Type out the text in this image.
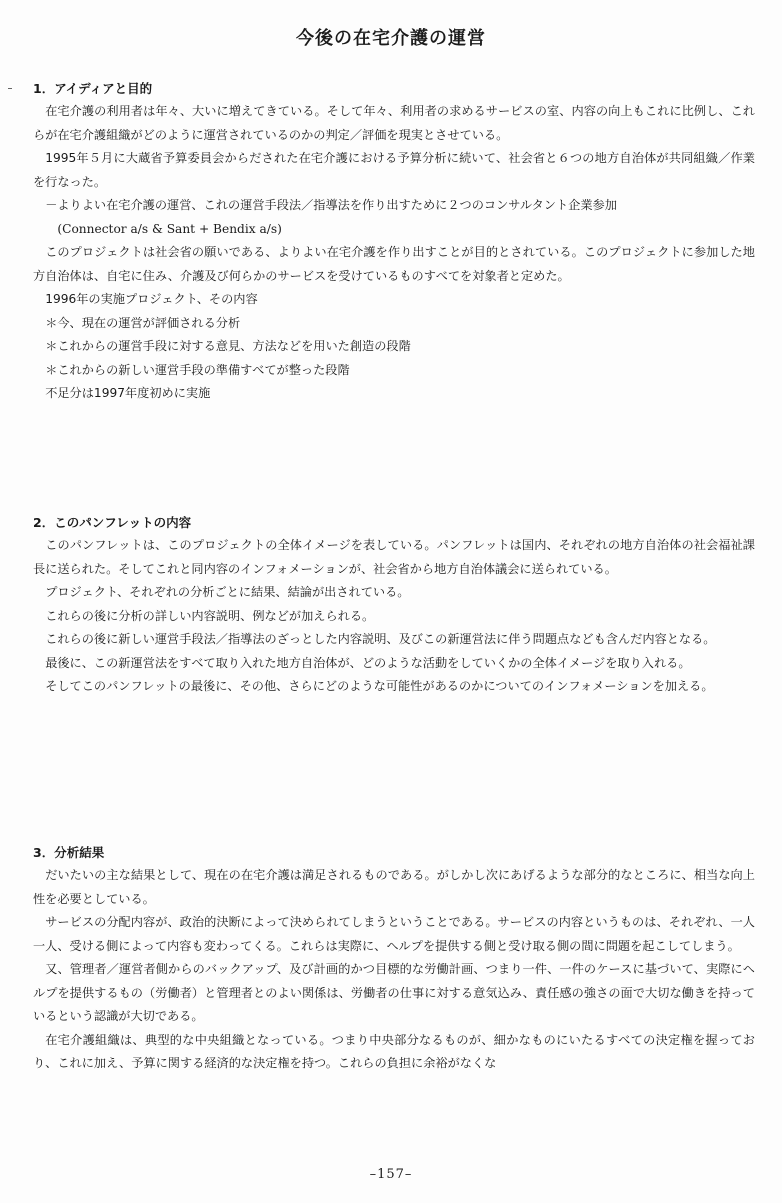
今後の在宅介護の運営

1．アイディアと目的

在宅介護の利用者は年々、大いに増えてきている。そして年々、利用者の求めるサービスの室、内容の向上もこれに比例し、これらが在宅介護組織がどのように運営されているのかの判定／評価を現実とさせている。

1995年５月に大蔵省予算委員会からだされた在宅介護における予算分析に続いて、社会省と６つの地方自治体が共同組織／作業を行なった。

－よりよい在宅介護の運営、これの運営手段法／指導法を作り出すために２つのコンサルタント企業参加

(Connector a/s & Sant + Bendix a/s)

このプロジェクトは社会省の願いである、よりよい在宅介護を作り出すことが目的とされている。このプロジェクトに参加した地方自治体は、自宅に住み、介護及び何らかのサービスを受けているものすべてを対象者と定めた。

1996年の実施プロジェクト、その内容

＊今、現在の運営が評価される分析

＊これからの運営手段に対する意見、方法などを用いた創造の段階

＊これからの新しい運営手段の準備すべてが整った段階

不足分は1997年度初めに実施

2．このパンフレットの内容

このパンフレットは、このプロジェクトの全体イメージを表している。パンフレットは国内、それぞれの地方自治体の社会福祉課長に送られた。そしてこれと同内容のインフォメーションが、社会省から地方自治体議会に送られている。

プロジェクト、それぞれの分析ごとに結果、結論が出されている。

これらの後に分析の詳しい内容説明、例などが加えられる。

これらの後に新しい運営手段法／指導法のざっとした内容説明、及びこの新運営法に伴う問題点なども含んだ内容となる。

最後に、この新運営法をすべて取り入れた地方自治体が、どのような活動をしていくかの全体イメージを取り入れる。

そしてこのパンフレットの最後に、その他、さらにどのような可能性があるのかについてのインフォメーションを加える。

3．分析結果

だいたいの主な結果として、現在の在宅介護は満足されるものである。がしかし次にあげるような部分的なところに、相当な向上性を必要としている。

サービスの分配内容が、政治的決断によって決められてしまうということである。サービスの内容というものは、それぞれ、一人一人、受ける側によって内容も変わってくる。これらは実際に、ヘルプを提供する側と受け取る側の間に問題を起こしてしまう。

又、管理者／運営者側からのバックアップ、及び計画的かつ目標的な労働計画、つまり一件、一件のケースに基づいて、実際にヘルプを提供するもの（労働者）と管理者とのよい関係は、労働者の仕事に対する意気込み、責任感の強さの面で大切な働きを持っているという認識が大切である。

在宅介護組織は、典型的な中央組織となっている。つまり中央部分なるものが、細かなものにいたるすべての決定権を握っており、これに加え、予算に関する経済的な決定権を持つ。これらの負担に余裕がなくな

–157–
